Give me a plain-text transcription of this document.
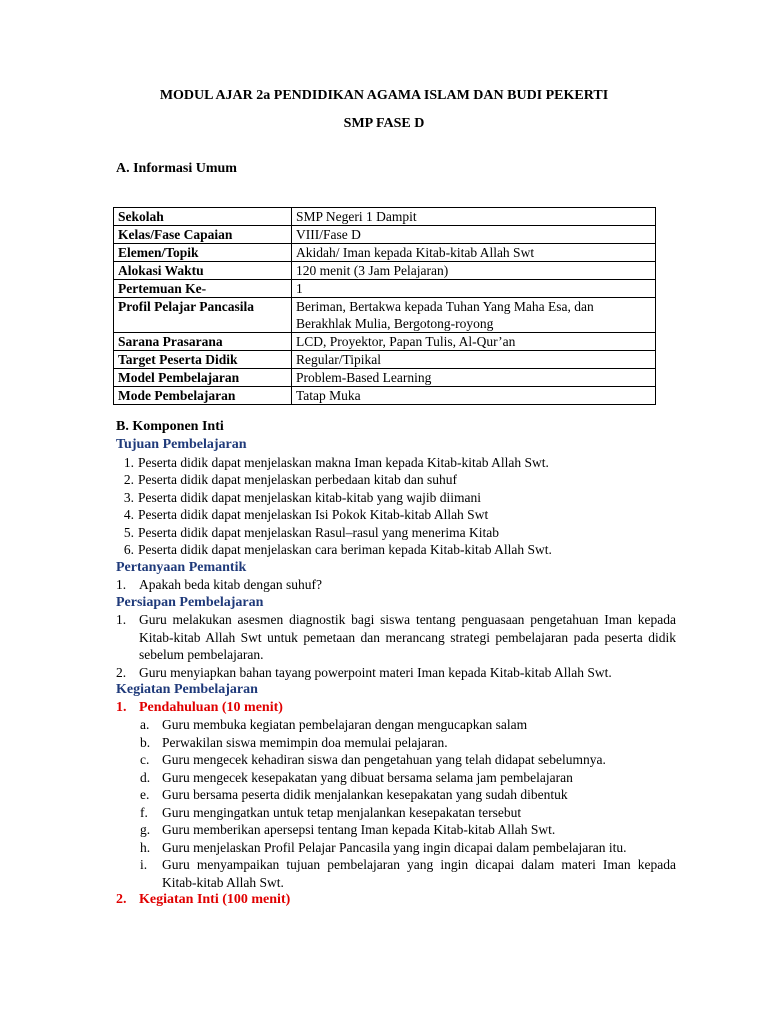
MODUL AJAR 2a PENDIDIKAN AGAMA ISLAM DAN BUDI PEKERTI
SMP FASE D
A. Informasi Umum
Sekolah	SMP Negeri 1 Dampit
Kelas/Fase Capaian	VIII/Fase D
Elemen/Topik	Akidah/ Iman kepada Kitab-kitab Allah Swt
Alokasi Waktu	120 menit (3 Jam Pelajaran)
Pertemuan Ke-	1
Profil Pelajar Pancasila	Beriman, Bertakwa kepada Tuhan Yang Maha Esa, dan Berakhlak Mulia, Bergotong-royong
Sarana Prasarana	LCD, Proyektor, Papan Tulis, Al-Qur’an
Target Peserta Didik	Regular/Tipikal
Model Pembelajaran	Problem-Based Learning
Mode Pembelajaran	Tatap Muka
B. Komponen Inti
Tujuan Pembelajaran
1. Peserta didik dapat menjelaskan makna Iman kepada Kitab-kitab Allah Swt.
2. Peserta didik dapat menjelaskan perbedaan kitab dan suhuf
3. Peserta didik dapat menjelaskan kitab-kitab yang wajib diimani
4. Peserta didik dapat menjelaskan Isi Pokok Kitab-kitab Allah Swt
5. Peserta didik dapat menjelaskan Rasul–rasul yang menerima Kitab
6. Peserta didik dapat menjelaskan cara beriman kepada Kitab-kitab Allah Swt.
Pertanyaan Pemantik
1. Apakah beda kitab dengan suhuf?
Persiapan Pembelajaran
1. Guru melakukan asesmen diagnostik bagi siswa tentang penguasaan pengetahuan Iman kepada Kitab-kitab Allah Swt untuk pemetaan dan merancang strategi pembelajaran pada peserta didik sebelum pembelajaran.
2. Guru menyiapkan bahan tayang powerpoint materi Iman kepada Kitab-kitab Allah Swt.
Kegiatan Pembelajaran
1. Pendahuluan (10 menit)
a. Guru membuka kegiatan pembelajaran dengan mengucapkan salam
b. Perwakilan siswa memimpin doa memulai pelajaran.
c. Guru mengecek kehadiran siswa dan pengetahuan yang telah didapat sebelumnya.
d. Guru mengecek kesepakatan yang dibuat bersama selama jam pembelajaran
e. Guru bersama peserta didik menjalankan kesepakatan yang sudah dibentuk
f. Guru mengingatkan untuk tetap menjalankan kesepakatan tersebut
g. Guru memberikan apersepsi tentang Iman kepada Kitab-kitab Allah Swt.
h. Guru menjelaskan Profil Pelajar Pancasila yang ingin dicapai dalam pembelajaran itu.
i. Guru menyampaikan tujuan pembelajaran yang ingin dicapai dalam materi Iman kepada Kitab-kitab Allah Swt.
2. Kegiatan Inti (100 menit)
